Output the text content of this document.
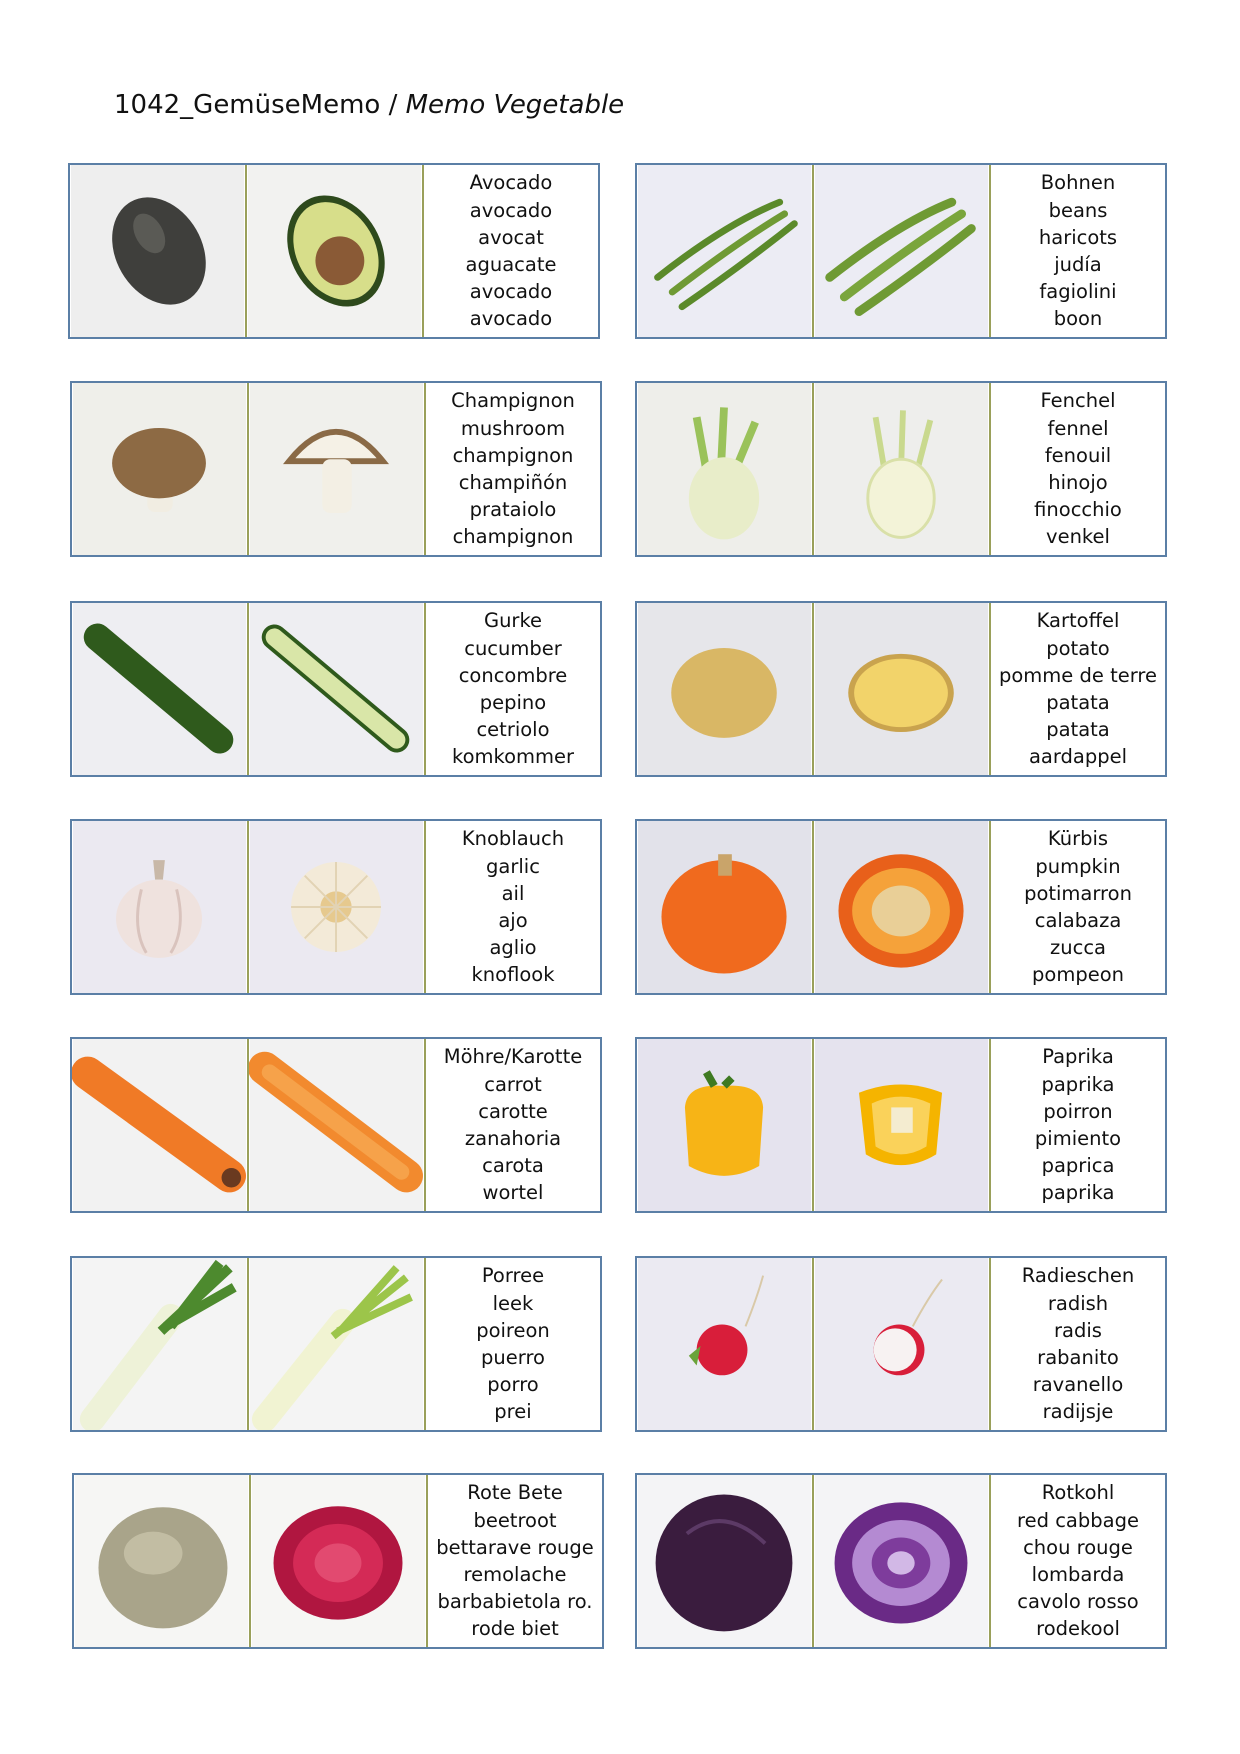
1042_GemüseMemo / Memo Vegetable
Avocado
avocado
avocat
aguacate
avocado
avocado
Bohnen
beans
haricots
judía
fagiolini
boon
Champignon
mushroom
champignon
champiñón
prataiolo
champignon
Fenchel
fennel
fenouil
hinojo
finocchio
venkel
Gurke
cucumber
concombre
pepino
cetriolo
komkommer
Kartoffel
potato
pomme de terre
patata
patata
aardappel
Knoblauch
garlic
ail
ajo
aglio
knoflook
Kürbis
pumpkin
potimarron
calabaza
zucca
pompeon
Möhre/Karotte
carrot
carotte
zanahoria
carota
wortel
Paprika
paprika
poirron
pimiento
paprica
paprika
Porree
leek
poireon
puerro
porro
prei
Radieschen
radish
radis
rabanito
ravanello
radijsje
Rote Bete
beetroot
bettarave rouge
remolache
barbabietola ro.
rode biet
Rotkohl
red cabbage
chou rouge
lombarda
cavolo rosso
rodekool
